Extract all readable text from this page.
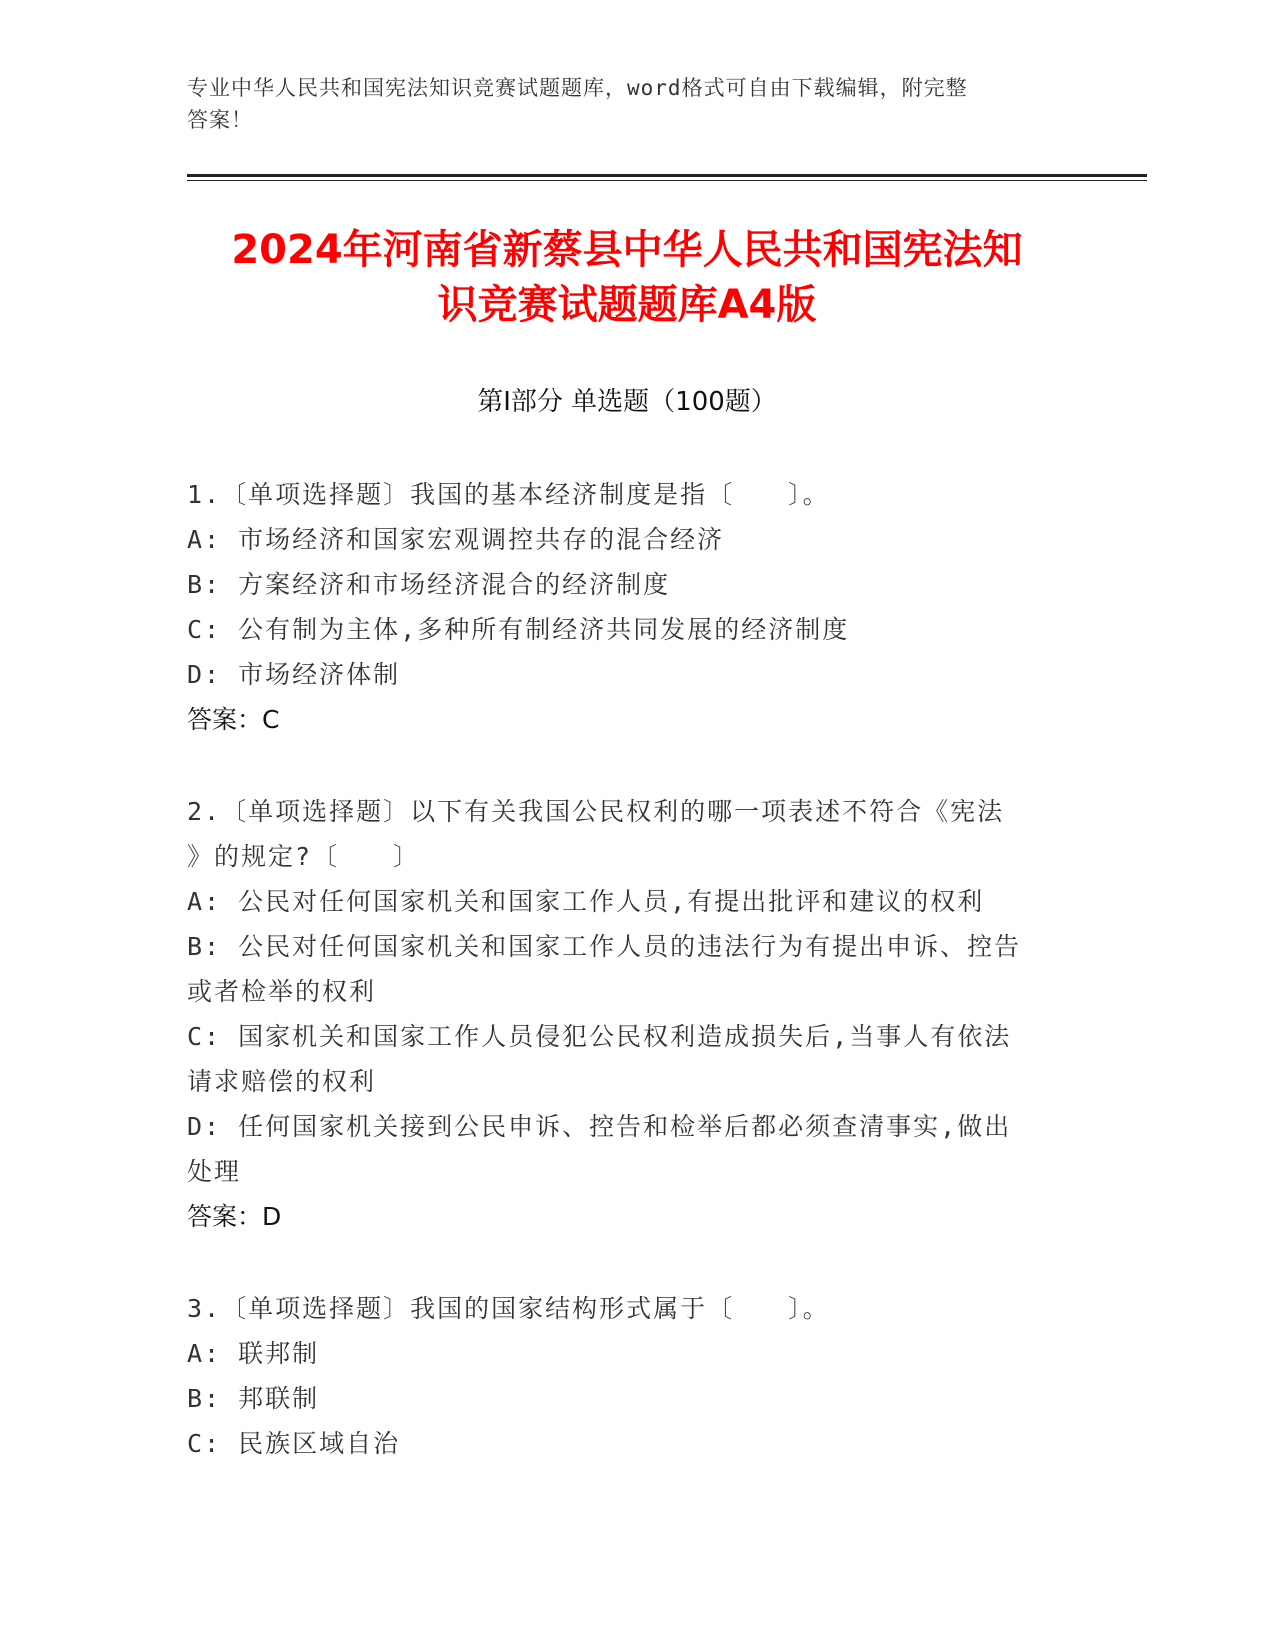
专业中华人民共和国宪法知识竞赛试题题库，word格式可自由下载编辑，附完整
答案！
2024年河南省新蔡县中华人民共和国宪法知
识竞赛试题题库A4版
第Ⅰ部分 单选题（100题）
1.〔单项选择题〕我国的基本经济制度是指〔　　〕。
A: 市场经济和国家宏观调控共存的混合经济
B: 方案经济和市场经济混合的经济制度
C: 公有制为主体,多种所有制经济共同发展的经济制度
D: 市场经济体制
答案：C
2.〔单项选择题〕以下有关我国公民权利的哪一项表述不符合《宪法
》的规定?〔　　〕
A: 公民对任何国家机关和国家工作人员,有提出批评和建议的权利
B: 公民对任何国家机关和国家工作人员的违法行为有提出申诉、控告
或者检举的权利
C: 国家机关和国家工作人员侵犯公民权利造成损失后,当事人有依法
请求赔偿的权利
D: 任何国家机关接到公民申诉、控告和检举后都必须查清事实,做出
处理
答案：D
3.〔单项选择题〕我国的国家结构形式属于〔　　〕。
A: 联邦制
B: 邦联制
C: 民族区域自治
